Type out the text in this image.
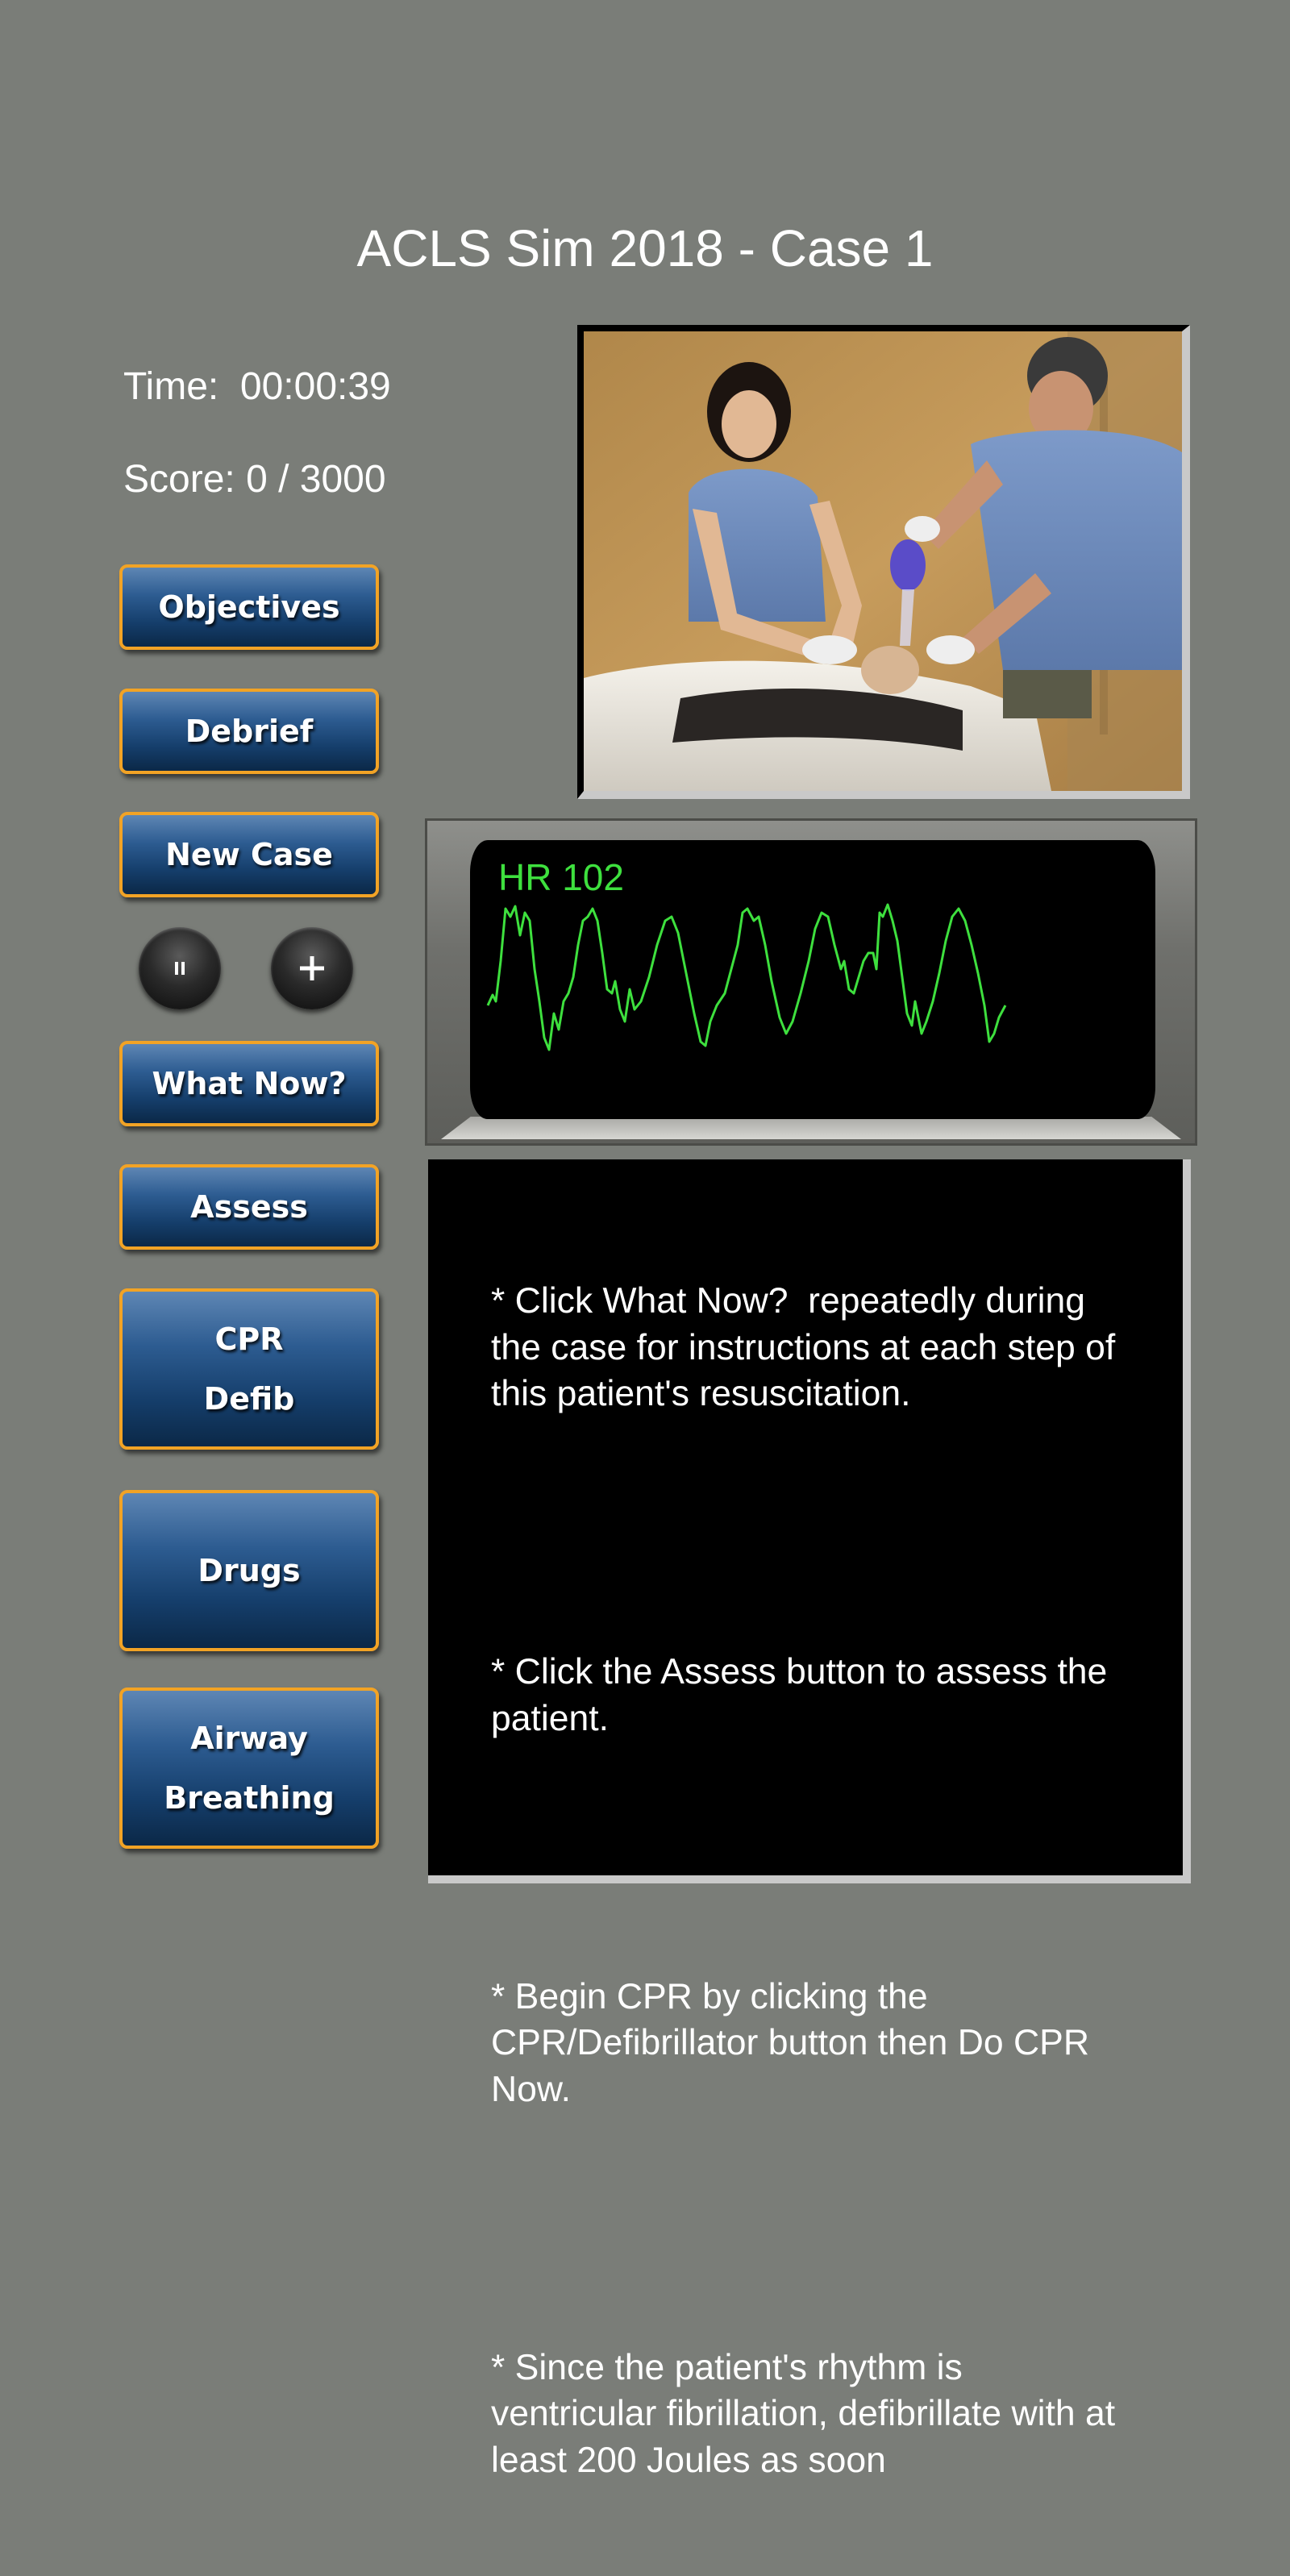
ACLS Sim 2018 - Case 1
Time:  00:00:39
Score: 0 / 3000
Objectives
Debrief
New Case
What Now?
Assess
CPR
Defib
Drugs
Airway
Breathing
HR 102

* Click What Now?  repeatedly during the case for instructions at each step of this patient's resuscitation.

* Click the Assess button to assess the patient.

* Begin CPR by clicking the CPR/Defibrillator button then Do CPR Now.

* Since the patient's rhythm is ventricular fibrillation, defibrillate with at least 200 Joules as soon
